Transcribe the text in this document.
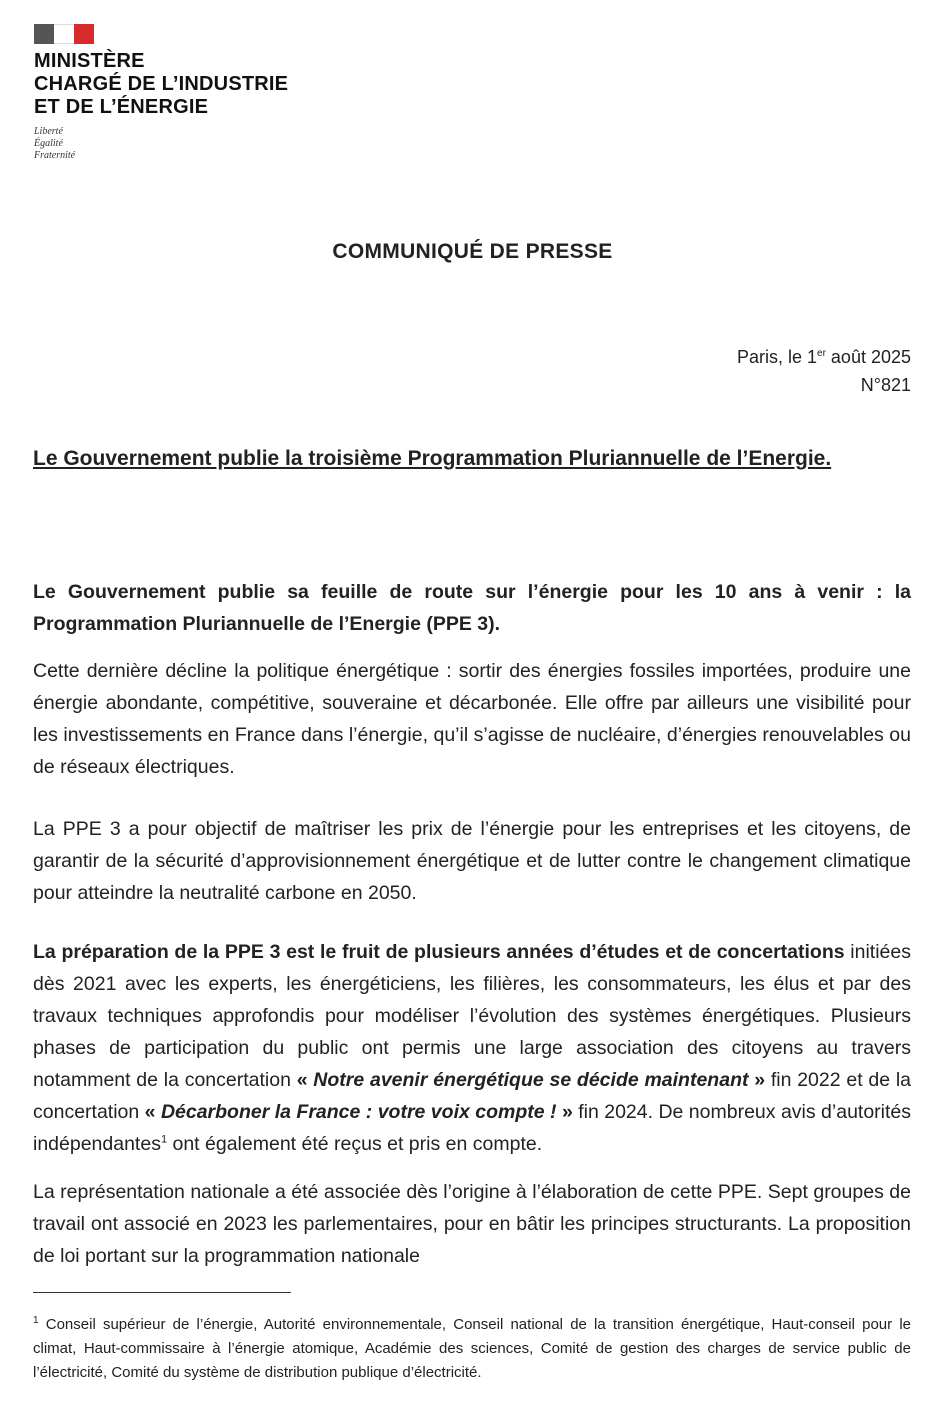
MINISTÈRE
CHARGÉ DE L’INDUSTRIE
ET DE L’ÉNERGIE
Liberté
Égalité
Fraternité
COMMUNIQUÉ DE PRESSE
Paris, le 1er août 2025
N°821
Le Gouvernement publie la troisième Programmation Pluriannuelle de l’Energie.

Le Gouvernement publie sa feuille de route sur l’énergie pour les 10 ans à venir : la Programmation Pluriannuelle de l’Energie (PPE 3).

Cette dernière décline la politique énergétique : sortir des énergies fossiles importées, produire une énergie abondante, compétitive, souveraine et décarbonée. Elle offre par ailleurs une visibilité pour les investissements en France dans l’énergie, qu’il s’agisse de nucléaire, d’énergies renouvelables ou de réseaux électriques.

La PPE 3 a pour objectif de maîtriser les prix de l’énergie pour les entreprises et les citoyens, de garantir de la sécurité d’approvisionnement énergétique et de lutter contre le changement climatique pour atteindre la neutralité carbone en 2050.

La préparation de la PPE 3 est le fruit de plusieurs années d’études et de concertations initiées dès 2021 avec les experts, les énergéticiens, les filières, les consommateurs, les élus et par des travaux techniques approfondis pour modéliser l’évolution des systèmes énergétiques. Plusieurs phases de participation du public ont permis une large association des citoyens au travers notamment de la concertation « Notre avenir énergétique se décide maintenant » fin 2022 et de la concertation « Décarboner la France : votre voix compte ! » fin 2024. De nombreux avis d’autorités indépendantes$^1$ ont également été reçus et pris en compte.

La représentation nationale a été associée dès l’origine à l’élaboration de cette PPE. Sept groupes de travail ont associé en 2023 les parlementaires, pour en bâtir les principes structurants. La proposition de loi portant sur la programmation nationale

$^1$ Conseil supérieur de l’énergie, Autorité environnementale, Conseil national de la transition énergétique, Haut-conseil pour le climat, Haut-commissaire à l’énergie atomique, Académie des sciences, Comité de gestion des charges de service public de l’électricité, Comité du système de distribution publique d’électricité.
